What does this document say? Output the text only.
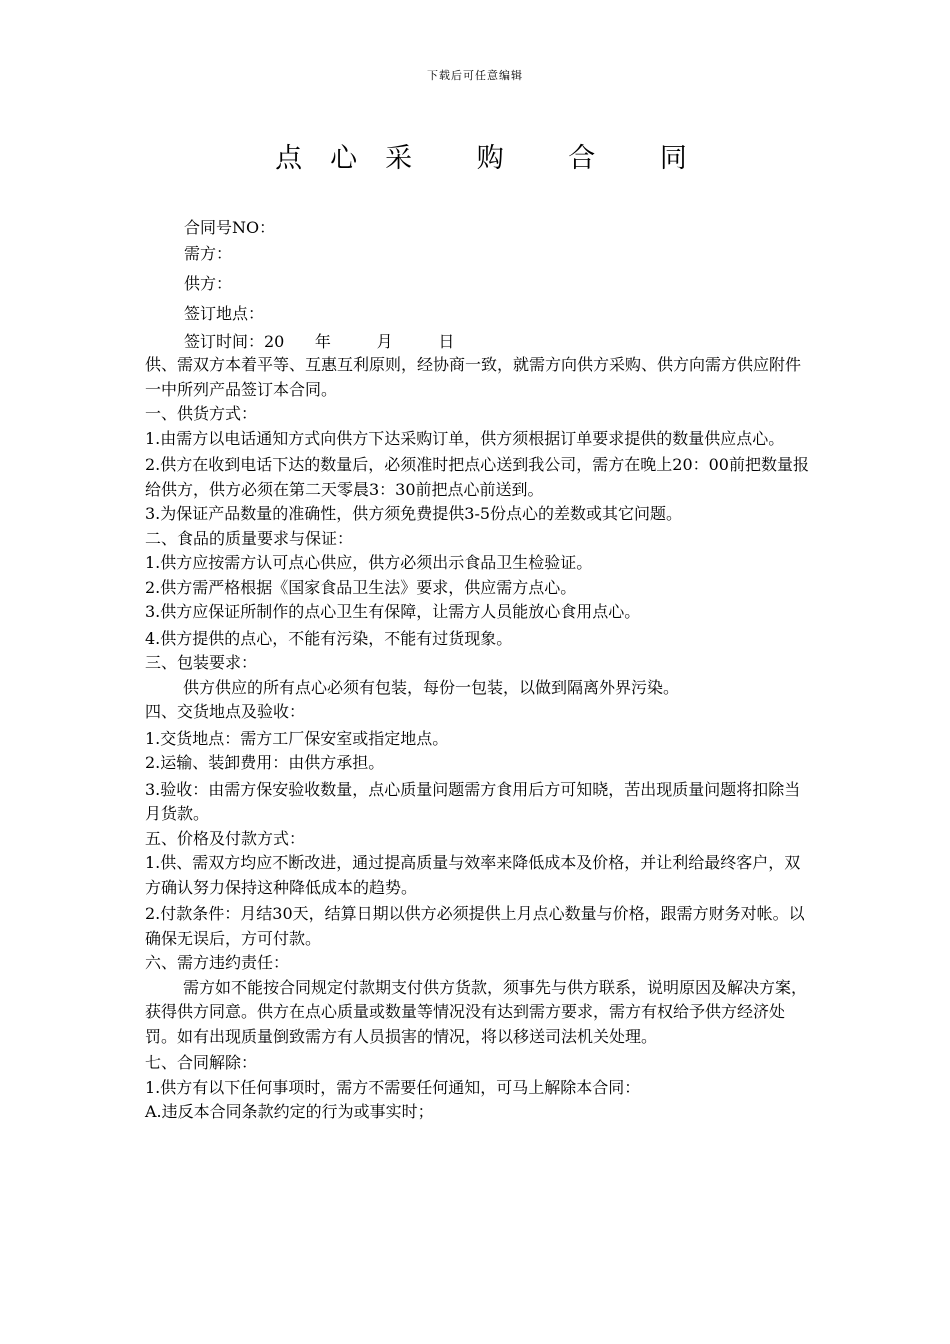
下载后可任意编辑
点心采 购 合 同
合同号NO：
需方：
供方：
签订地点：
签订时间：20      年         月         日

供、需双方本着平等、互惠互利原则，经协商一致，就需方向供方采购、供方向需方供应附件一中所列产品签订本合同。

一、供货方式：

1.由需方以电话通知方式向供方下达采购订单，供方须根据订单要求提供的数量供应点心。

2.供方在收到电话下达的数量后，必须准时把点心送到我公司，需方在晚上20：00前把数量报给供方，供方必须在第二天零晨3：30前把点心前送到。

3.为保证产品数量的准确性，供方须免费提供3-5份点心的差数或其它问题。

二、食品的质量要求与保证：

1.供方应按需方认可点心供应，供方必须出示食品卫生检验证。

2.供方需严格根据《国家食品卫生法》要求，供应需方点心。

3.供方应保证所制作的点心卫生有保障，让需方人员能放心食用点心。

4.供方提供的点心，不能有污染，不能有过货现象。

三、包装要求：

供方供应的所有点心必须有包装，每份一包装，以做到隔离外界污染。

四、交货地点及验收：

1.交货地点：需方工厂保安室或指定地点。

2.运输、装卸费用：由供方承担。

3.验收：由需方保安验收数量，点心质量问题需方食用后方可知晓，苦出现质量问题将扣除当月货款。

五、价格及付款方式：

1.供、需双方均应不断改进，通过提高质量与效率来降低成本及价格，并让利给最终客户，双方确认努力保持这种降低成本的趋势。

2.付款条件：月结30天，结算日期以供方必须提供上月点心数量与价格，跟需方财务对帐。以确保无误后，方可付款。

六、需方违约责任：

需方如不能按合同规定付款期支付供方货款，须事先与供方联系，说明原因及解决方案，获得供方同意。供方在点心质量或数量等情况没有达到需方要求，需方有权给予供方经济处罚。如有出现质量倒致需方有人员损害的情况，将以移送司法机关处理。

七、合同解除：

1.供方有以下任何事项时，需方不需要任何通知，可马上解除本合同：

A.违反本合同条款约定的行为或事实时；
